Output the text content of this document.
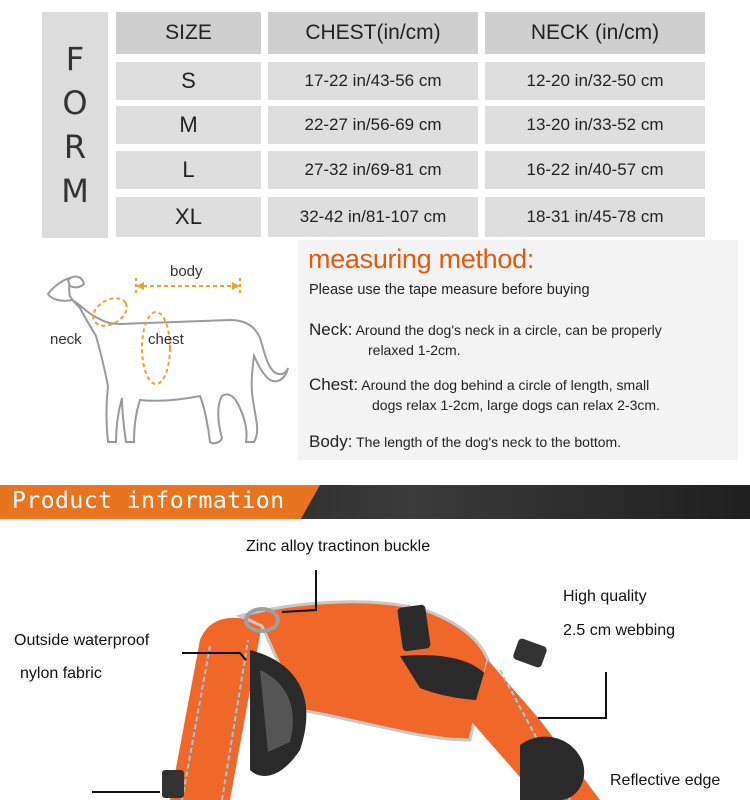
F
O
R
M
SIZE	CHEST(in/cm)	NECK (in/cm)
S	17-22 in/43-56 cm	12-20 in/32-50 cm
M	22-27 in/56-69 cm	13-20 in/33-52 cm
L	27-32 in/69-81 cm	16-22 in/40-57 cm
XL	32-42 in/81-107 cm	18-31 in/45-78 cm
body
neck	chest
measuring method:
Please use the tape measure before buying
Neck: Around the dog's neck in a circle, can be properly
relaxed 1-2cm.
Chest: Around the dog behind a circle of length, small
dogs relax 1-2cm, large dogs can relax 2-3cm.
Body: The length of the dog's neck to the bottom.
Product information
Zinc alloy tractinon buckle
Outside waterproof
nylon fabric
High quality
2.5 cm webbing
Reflective edge
